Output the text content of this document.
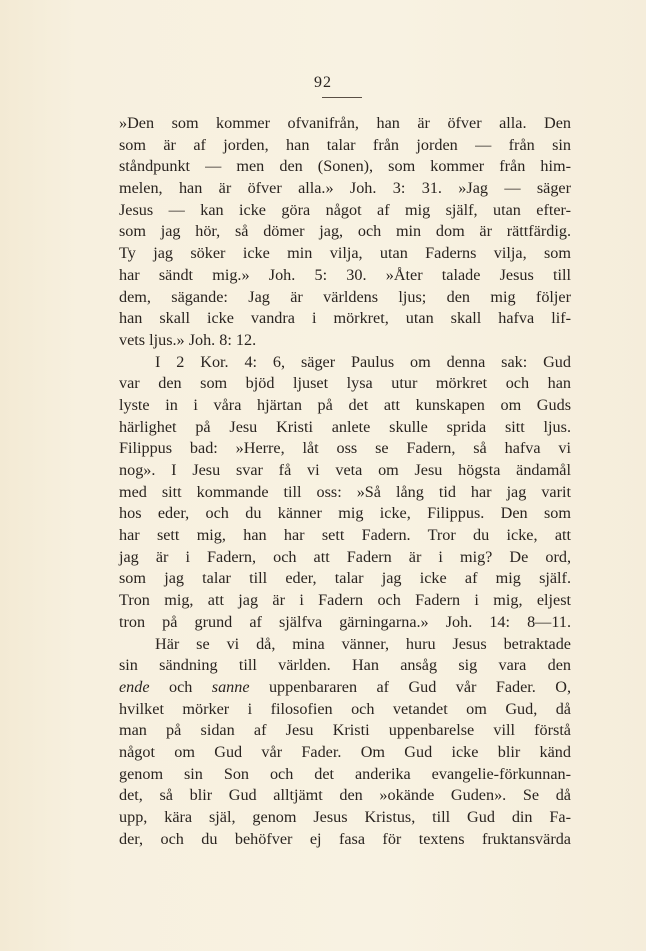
92
»Den som kommer ofvanifrån, han är öfver alla. Den
som är af jorden, han talar från jorden — från sin
ståndpunkt — men den (Sonen), som kommer från him-
melen, han är öfver alla.» Joh. 3: 31. »Jag — säger
Jesus — kan icke göra något af mig själf, utan efter-
som jag hör, så dömer jag, och min dom är rättfärdig.
Ty jag söker icke min vilja, utan Faderns vilja, som
har sändt mig.» Joh. 5: 30. »Åter talade Jesus till
dem, sägande: Jag är världens ljus; den mig följer
han skall icke vandra i mörkret, utan skall hafva lif-
vets ljus.» Joh. 8: 12.
I 2 Kor. 4: 6, säger Paulus om denna sak: Gud
var den som bjöd ljuset lysa utur mörkret och han
lyste in i våra hjärtan på det att kunskapen om Guds
härlighet på Jesu Kristi anlete skulle sprida sitt ljus.
Filippus bad: »Herre, låt oss se Fadern, så hafva vi
nog». I Jesu svar få vi veta om Jesu högsta ändamål
med sitt kommande till oss: »Så lång tid har jag varit
hos eder, och du känner mig icke, Filippus. Den som
har sett mig, han har sett Fadern. Tror du icke, att
jag är i Fadern, och att Fadern är i mig? De ord,
som jag talar till eder, talar jag icke af mig själf.
Tron mig, att jag är i Fadern och Fadern i mig, eljest
tron på grund af själfva gärningarna.» Joh. 14: 8—11.
Här se vi då, mina vänner, huru Jesus betraktade
sin sändning till världen. Han ansåg sig vara den
ende och sanne uppenbararen af Gud vår Fader. O,
hvilket mörker i filosofien och vetandet om Gud, då
man på sidan af Jesu Kristi uppenbarelse vill förstå
något om Gud vår Fader. Om Gud icke blir känd
genom sin Son och det anderika evangelie-förkunnan-
det, så blir Gud alltjämt den »okände Guden». Se då
upp, kära själ, genom Jesus Kristus, till Gud din Fa-
der, och du behöfver ej fasa för textens fruktansvärda
